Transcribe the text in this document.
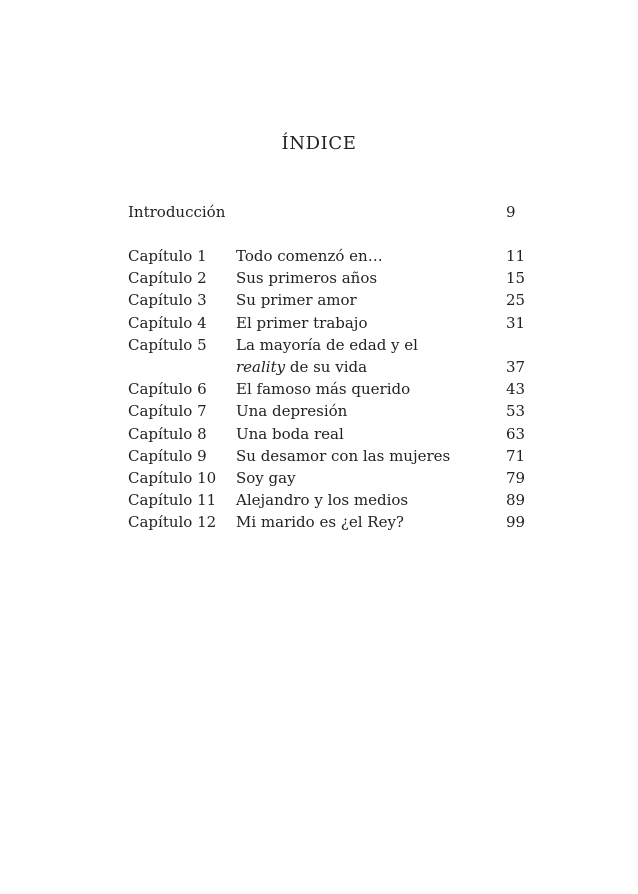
ÍNDICE
Introducción	9
Capítulo 1 Todo comenzó en…	11
Capítulo 2 Sus primeros años	15
Capítulo 3 Su primer amor	25
Capítulo 4 El primer trabajo	31
Capítulo 5 La mayoría de edad y el
reality de su vida	37
Capítulo 6 El famoso más querido	43
Capítulo 7 Una depresión	53
Capítulo 8 Una boda real	63
Capítulo 9 Su desamor con las mujeres	71
Capítulo 10 Soy gay	79
Capítulo 11 Alejandro y los medios	89
Capítulo 12 Mi marido es ¿el Rey?	99
